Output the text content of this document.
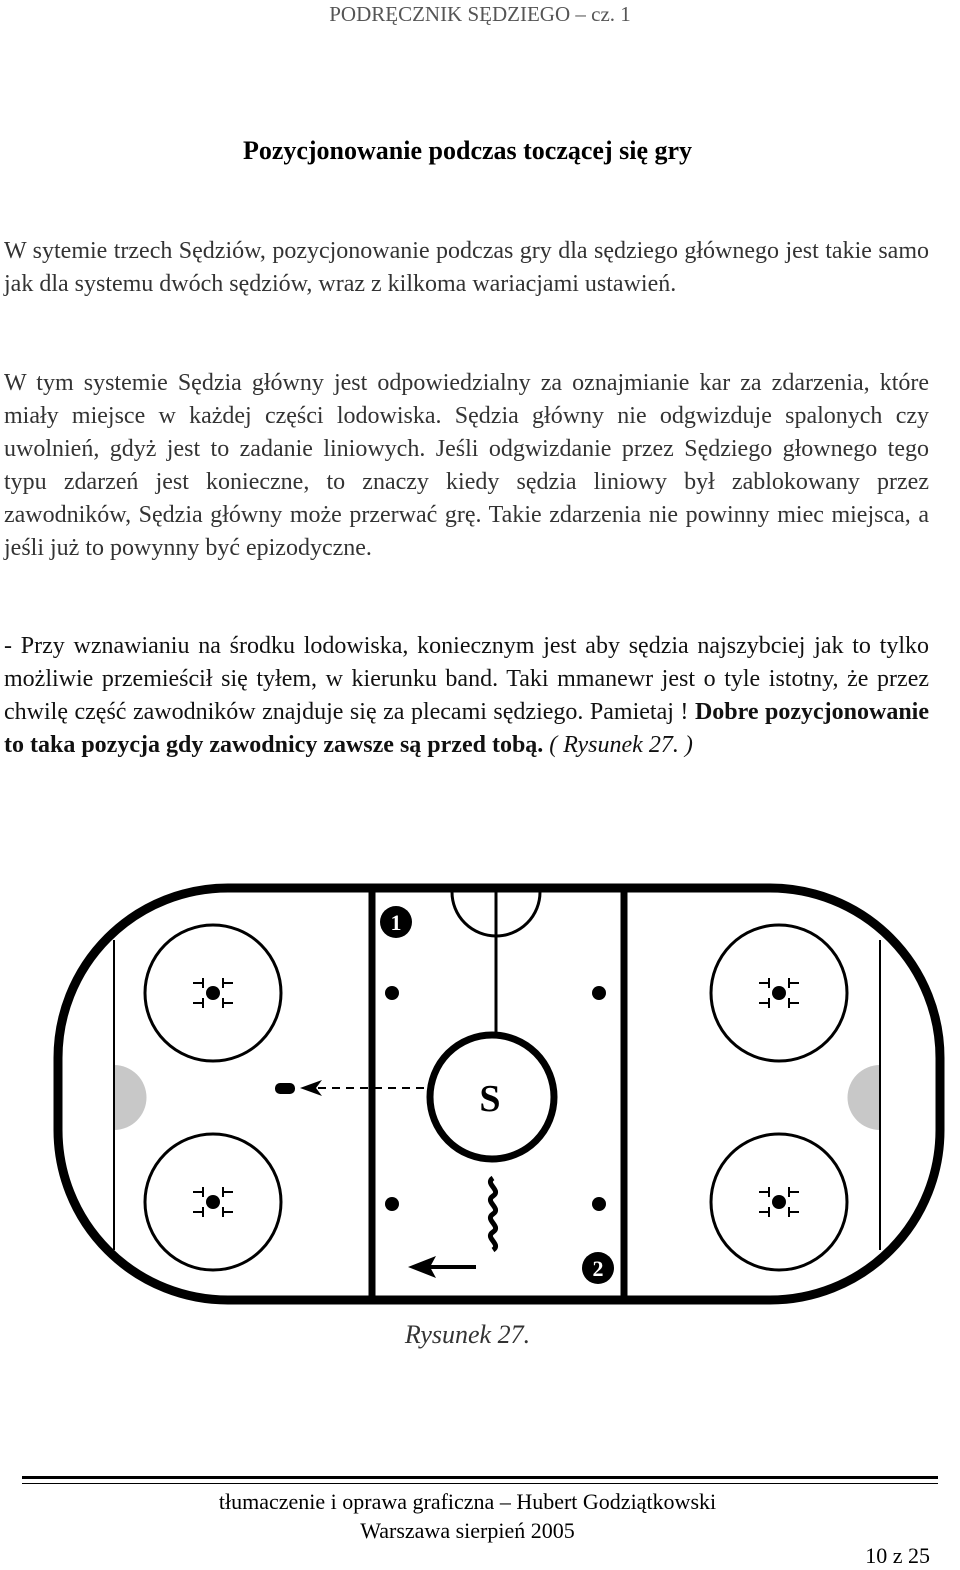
PODRĘCZNIK SĘDZIEGO – cz. 1
Pozycjonowanie podczas toczącej się gry

W sytemie trzech Sędziów, pozycjonowanie podczas gry dla sędziego głównego jest takie samo jak dla systemu dwóch sędziów, wraz z kilkoma wariacjami ustawień.

W tym systemie Sędzia główny jest odpowiedzialny za oznajmianie kar za zdarzenia, które miały miejsce w każdej części lodowiska. Sędzia główny nie odgwizduje spalonych czy uwolnień, gdyż jest to zadanie liniowych. Jeśli odgwizdanie przez Sędziego głownego tego typu zdarzeń jest konieczne, to znaczy kiedy sędzia liniowy był zablokowany przez zawodników, Sędzia główny może przerwać grę. Takie zdarzenia nie powinny miec miejsca, a jeśli już to powynny być epizodyczne.

- Przy wznawianiu na środku lodowiska, koniecznym jest aby sędzia najszybciej jak to tylko możliwie przemieścił się tyłem, w kierunku band. Taki mmanewr jest o tyle istotny, że przez chwilę część zawodników znajduje się za plecami sędziego. Pamietaj ! Dobre pozycjonowanie to taka pozycja gdy zawodnicy zawsze są przed tobą. ( Rysunek 27. )

S
1
2
Rysunek 27.
tłumaczenie i oprawa graficzna – Hubert Godziątkowski
Warszawa sierpień 2005
10 z 25
